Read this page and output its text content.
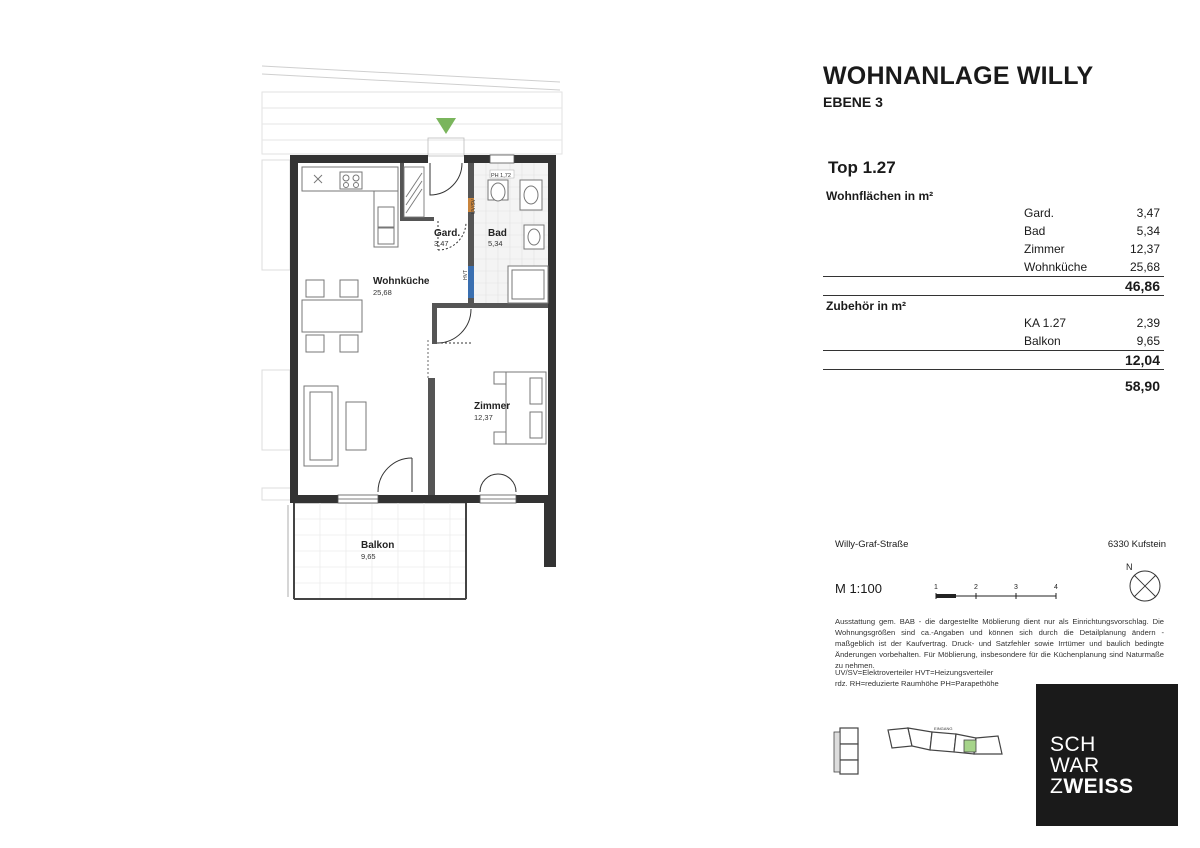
Gard.
3,47
Bad
5,34
Wohnküche
25,68
Zimmer
12,37
Balkon
9,65
PH 1,72
UV/SV
HVT
WOHNANLAGE WILLY
EBENE 3
Top 1.27
Wohnflächen in m²
Gard.	3,47
Bad	5,34
Zimmer	12,37
Wohnküche	25,68
46,86
Zubehör in m²
KA 1.27	2,39
Balkon	9,65
12,04
58,90
Willy-Graf-Straße	6330 Kufstein
M 1:100	1	2	3	4
N
Ausstattung gem. BAB - die dargestellte Möblierung dient nur als Einrichtungsvorschlag. Die Wohnungsgrößen sind ca.-Angaben und können sich durch die Detailplanung ändern - maßgeblich ist der Kaufvertrag. Druck- und Satzfehler sowie Irrtümer und baulich bedingte Änderungen vorbehalten. Für Möblierung, insbesondere für die Küchenplanung sind Naturmaße zu nehmen.
UV/SV=Elektroverteiler HVT=Heizungsverteiler
rdz. RH=reduzierte Raumhöhe PH=Parapethöhe
EINGANG
SCH
WAR
ZWEISS
